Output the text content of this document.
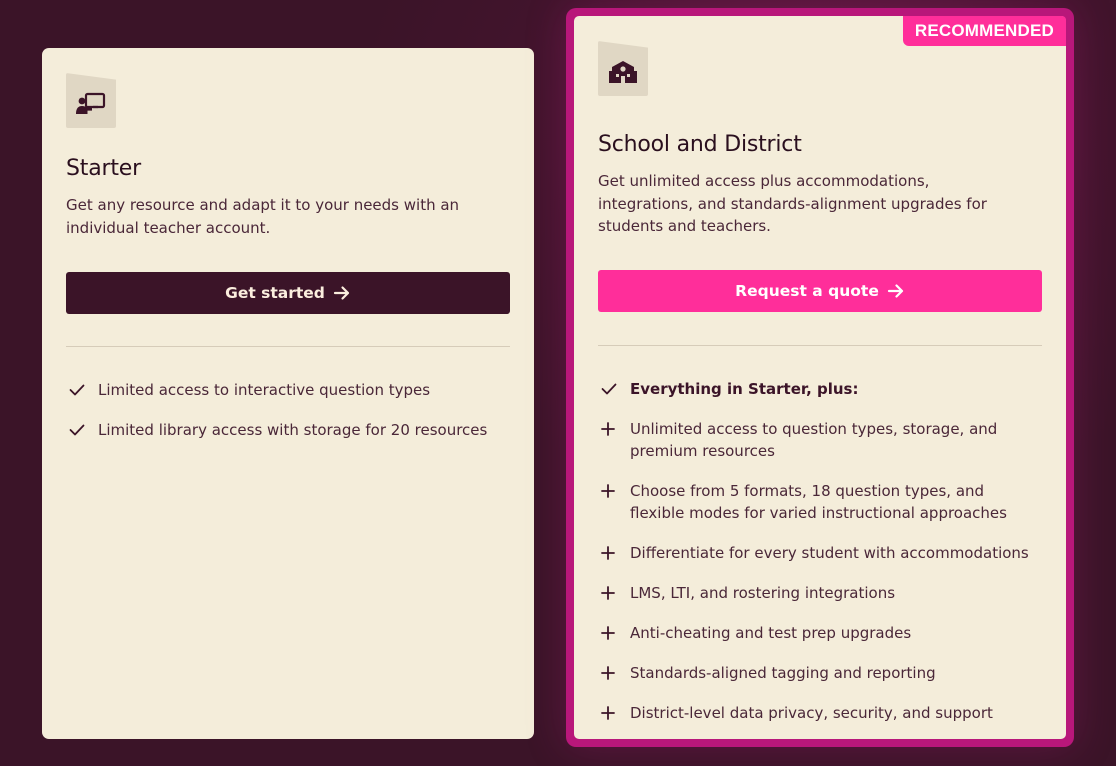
Starter
Get any resource and adapt it to your needs with an individual teacher account.
Get started
Limited access to interactive question types
Limited library access with storage for 20 resources
RECOMMENDED
School and District
Get unlimited access plus accommodations, integrations, and standards-alignment upgrades for students and teachers.
Request a quote
Everything in Starter, plus:
Unlimited access to question types, storage, and premium resources
Choose from 5 formats, 18 question types, and flexible modes for varied instructional approaches
Differentiate for every student with accommodations
LMS, LTI, and rostering integrations
Anti-cheating and test prep upgrades
Standards-aligned tagging and reporting
District-level data privacy, security, and support
